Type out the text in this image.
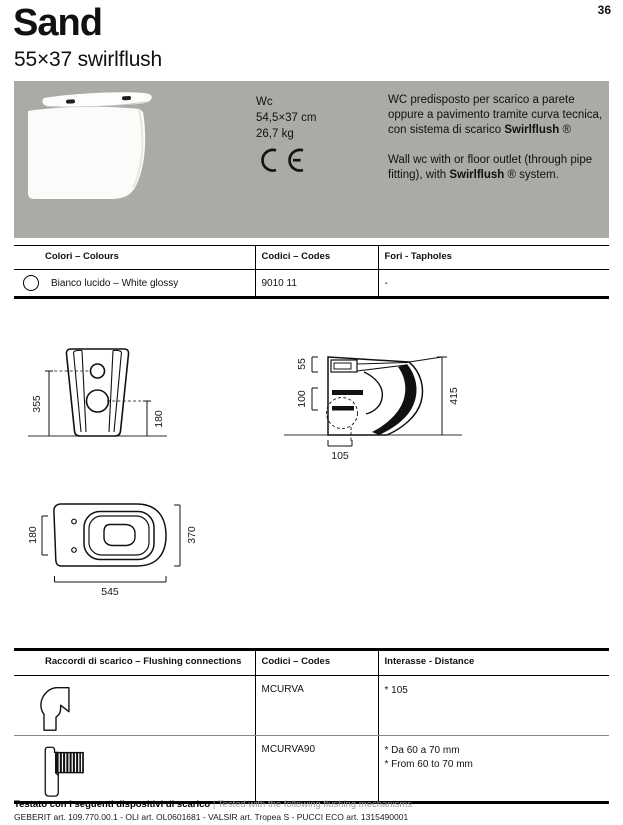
Sand	36
55×37 swirlflush
Wc
54,5×37 cm
26,7 kg
WC predisposto per scarico a parete oppure a pavimento tramite curva tecnica, con sistema di scarico Swirlflush ®
Wall wc with or floor outlet (through pipe fitting), with Swirlflush ® system.
Colori – Colours	Codici – Codes	Fori - Tapholes

Bianco lucido – White glossy	9010 11	-
355
180
55
100	415
105
180	370
545
Raccordi di scarico – Flushing connections	Codici – Codes	Interasse - Distance
	MCURVA	* 105

	MCURVA90	* Da 60 a 70 mm
* From 60 to 70 mm
Testato con i seguenti dispositivi di scarico | Tested with the following flushing mechanisms
GEBERIT art. 109.770.00.1 - OLI art. OL0601681 - VALSIR art. Tropea S - PUCCI ECO art. 1315490001
